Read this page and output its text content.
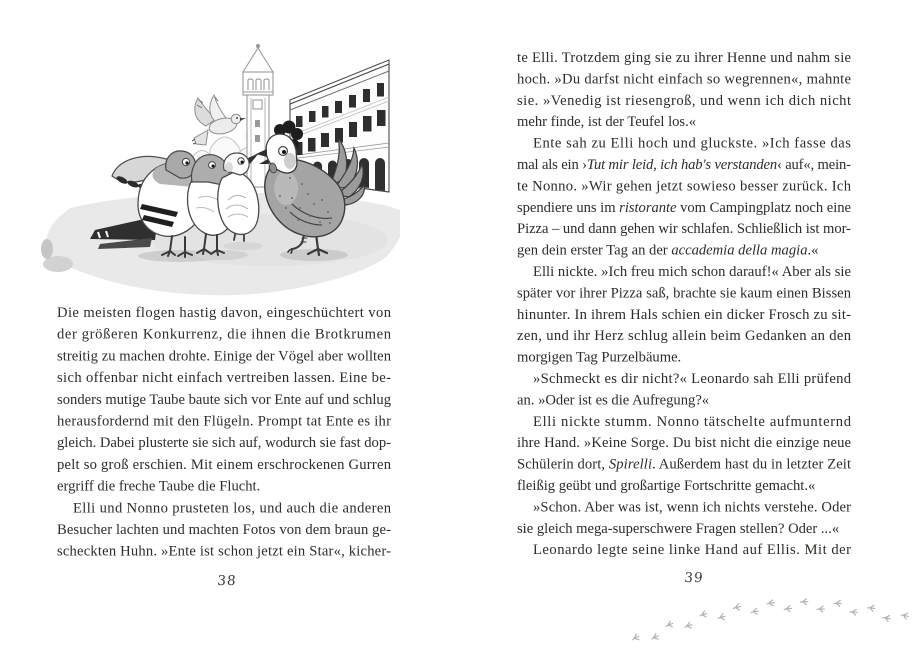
Die meisten flogen hastig davon, eingeschüchtert von
der größeren Konkurrenz, die ihnen die Brotkrumen
streitig zu machen drohte. Einige der Vögel aber wollten
sich offenbar nicht einfach vertreiben lassen. Eine be-
sonders mutige Taube baute sich vor Ente auf und schlug
herausfordernd mit den Flügeln. Prompt tat Ente es ihr
gleich. Dabei plusterte sie sich auf, wodurch sie fast dop-
pelt so groß erschien. Mit einem erschrockenen Gurren
ergriff die freche Taube die Flucht.
Elli und Nonno prusteten los, und auch die anderen
Besucher lachten und machten Fotos von dem braun ge-
scheckten Huhn. »Ente ist schon jetzt ein Star«, kicher-
te Elli. Trotzdem ging sie zu ihrer Henne und nahm sie
hoch. »Du darfst nicht einfach so wegrennen«, mahnte
sie. »Venedig ist riesengroß, und wenn ich dich nicht
mehr finde, ist der Teufel los.«
Ente sah zu Elli hoch und gluckste. »Ich fasse das
mal als ein ›Tut mir leid, ich hab's verstanden‹ auf«, mein-
te Nonno. »Wir gehen jetzt sowieso besser zurück. Ich
spendiere uns im ristorante vom Campingplatz noch eine
Pizza – und dann gehen wir schlafen. Schließlich ist mor-
gen dein erster Tag an der accademia della magia.«
Elli nickte. »Ich freu mich schon darauf!« Aber als sie
später vor ihrer Pizza saß, brachte sie kaum einen Bissen
hinunter. In ihrem Hals schien ein dicker Frosch zu sit-
zen, und ihr Herz schlug allein beim Gedanken an den
morgigen Tag Purzelbäume.
»Schmeckt es dir nicht?« Leonardo sah Elli prüfend
an. »Oder ist es die Aufregung?«
Elli nickte stumm. Nonno tätschelte aufmunternd
ihre Hand. »Keine Sorge. Du bist nicht die einzige neue
Schülerin dort, Spirelli. Außerdem hast du in letzter Zeit
fleißig geübt und großartige Fortschritte gemacht.«
»Schon. Aber was ist, wenn ich nichts verstehe. Oder
sie gleich mega-superschwere Fragen stellen? Oder ...«
Leonardo legte seine linke Hand auf Ellis. Mit der
38	39
